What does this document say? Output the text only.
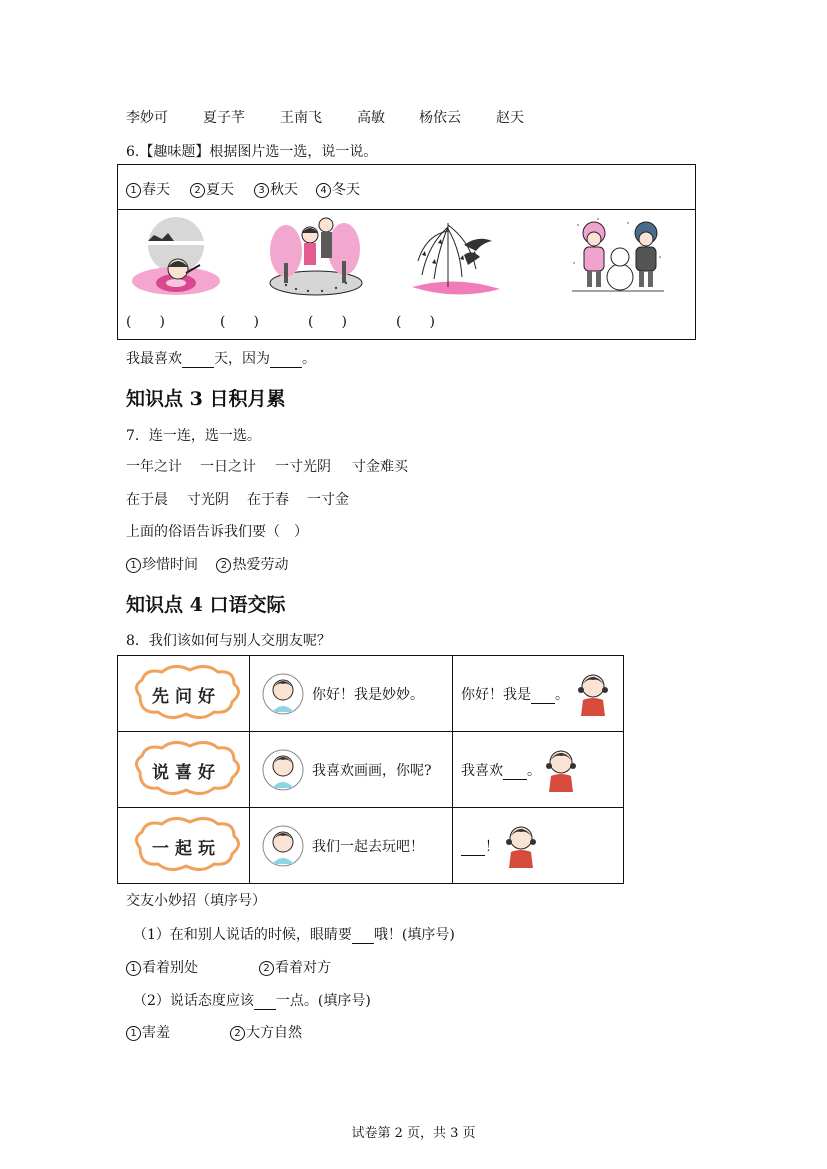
李妙可	夏子芊	王南飞	高敏 杨依云	赵天
6.【趣味题】根据图片选一选，说一说。
1 春天	2 夏天	3 秋天	4 冬天
(　　)	(　　)	(　　)	(　　)
我最喜欢 天，因为 。
知识点 3 日积月累
7．连一连，选一选。
一年之计 一日之计 一寸光阴 寸金难买
在于晨 寸光阴 在于春 一寸金
上面的俗语告诉我们要（　）
1 珍惜时间 2 热爱劳动
知识点 4 口语交际
8．我们该如何与别人交朋友呢？
先问好	你好！我是妙妙。	你好！我是 。

说喜好	我喜欢画画，你呢?	我喜欢 。

一起玩	我们一起去玩吧！	！
交友小妙招（填序号）
（1）在和别人说话的时候，眼睛要 哦！(填序号)
1 看着别处	2 看着对方
（2）说话态度应该 一点。(填序号)
1 害羞	2 大方自然
试卷第 2 页，共 3 页
